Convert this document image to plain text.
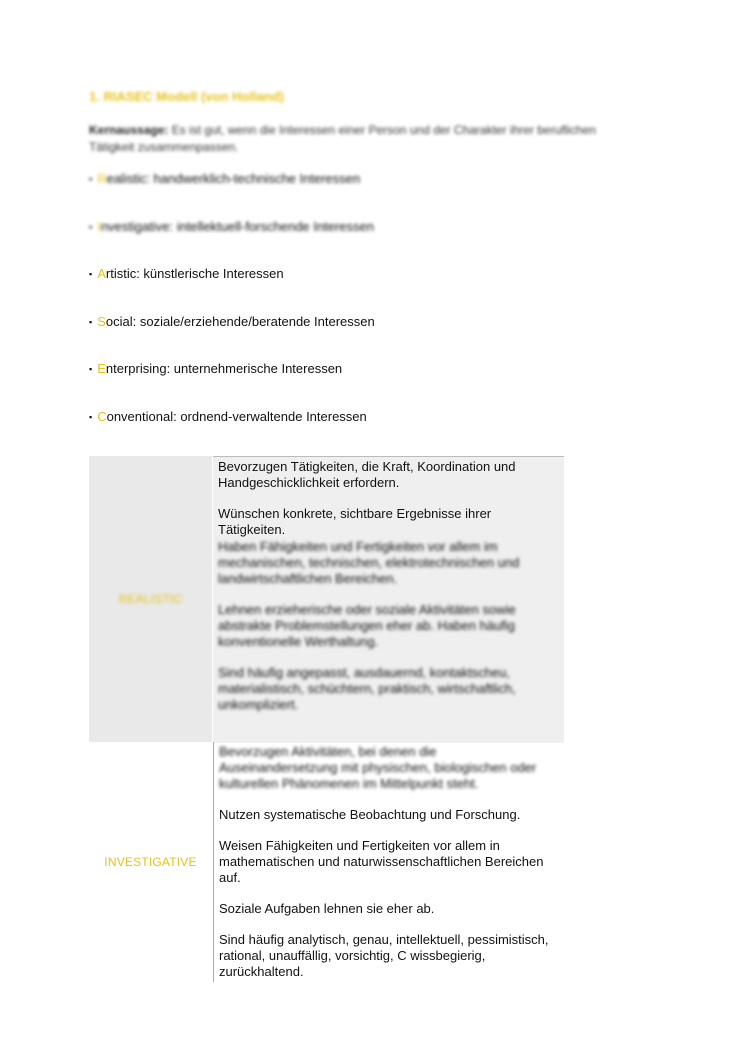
1. RIASEC Modell (von Holland)
Kernaussage: Es ist gut, wenn die Interessen einer Person und der Charakter ihrer beruflichen Tätigkeit zusammenpassen.
▪ Realistic: handwerklich-technische Interessen
▪ Investigative: intellektuell-forschende Interessen
▪ Artistic: künstlerische Interessen
▪ Social: soziale/erziehende/beratende Interessen
▪ Enterprising: unternehmerische Interessen
▪ Conventional: ordnend-verwaltende Interessen
REALISTIC

Bevorzugen Tätigkeiten, die Kraft, Koordination und Handgeschicklichkeit erfordern.

Wünschen konkrete, sichtbare Ergebnisse ihrer Tätigkeiten.

Haben Fähigkeiten und Fertigkeiten vor allem im mechanischen, technischen, elektrotechnischen und landwirtschaftlichen Bereichen.

Lehnen erzieherische oder soziale Aktivitäten sowie abstrakte Problemstellungen eher ab. Haben häufig konventionelle Werthaltung.

Sind häufig angepasst, ausdauernd, kontaktscheu, materialistisch, schüchtern, praktisch, wirtschaftlich, unkompliziert.

INVESTIGATIVE

Bevorzugen Aktivitäten, bei denen die Auseinandersetzung mit physischen, biologischen oder kulturellen Phänomenen im Mittelpunkt steht.

Nutzen systematische Beobachtung und Forschung.

Weisen Fähigkeiten und Fertigkeiten vor allem in mathematischen und naturwissenschaftlichen Bereichen auf.

Soziale Aufgaben lehnen sie eher ab.

Sind häufig analytisch, genau, intellektuell, pessimistisch, rational, unauffällig, vorsichtig, C wissbegierig, zurückhaltend.
